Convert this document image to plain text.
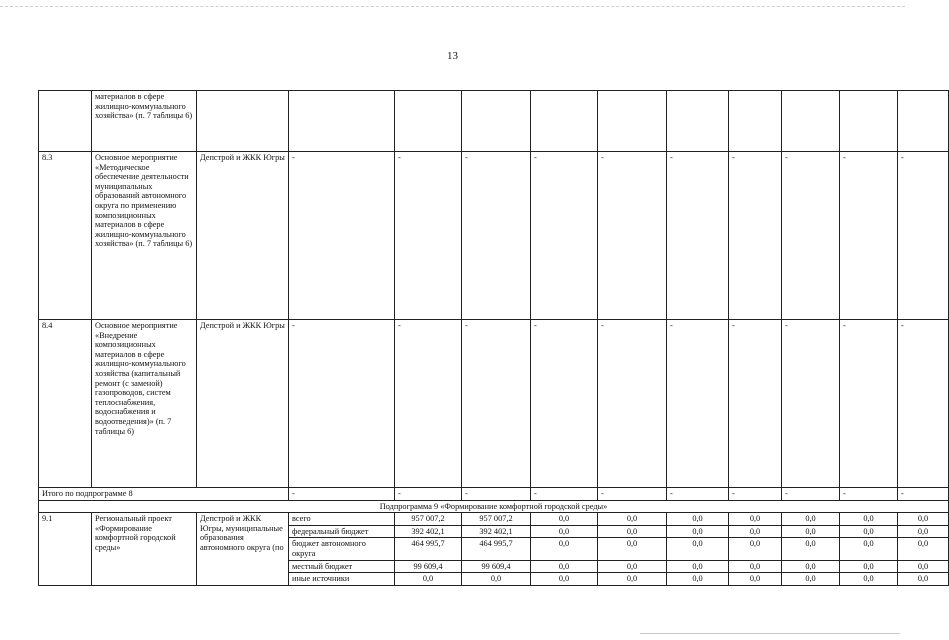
13
	материалов в сфере жилищно-коммунального хозяйства» (п. 7 таблицы 6)											
8.3	Основное мероприятие «Методическое обеспечение деятельности муниципальных образований автономного округа по применению композиционных материалов в сфере жилищно-коммунального хозяйства» (п. 7 таблицы 6)	Депстрой и ЖКК Югры	-	-	-	-	-	-	-	-	-	-
8.4	Основное мероприятие «Внедрение композиционных материалов в сфере жилищно-коммунального хозяйства (капитальный ремонт (с заменой) газопроводов, систем теплоснабжения, водоснабжения и водоотведения)» (п. 7 таблицы 6)	Депстрой и ЖКК Югры	-	-	-	-	-	-	-	-	-	-
Итого по подпрограмме 8			-	-	-	-	-	-	-	-	-	-
Подпрограмма 9 «Формирование комфортной городской среды»												
9.1	Региональный проект «Формирование комфортной городской среды»	Депстрой и ЖКК Югры, муниципальные образования автономного округа (по	всего	957 007,2	957 007,2	0,0	0,0	0,0	0,0	0,0	0,0	0,0
			федеральный бюджет	392 402,1	392 402,1	0,0	0,0	0,0	0,0	0,0	0,0	0,0
			бюджет автономного округа	464 995,7	464 995,7	0,0	0,0	0,0	0,0	0,0	0,0	0,0
			местный бюджет	99 609,4	99 609,4	0,0	0,0	0,0	0,0	0,0	0,0	0,0
			иные источники	0,0	0,0	0,0	0,0	0,0	0,0	0,0	0,0	0,0
